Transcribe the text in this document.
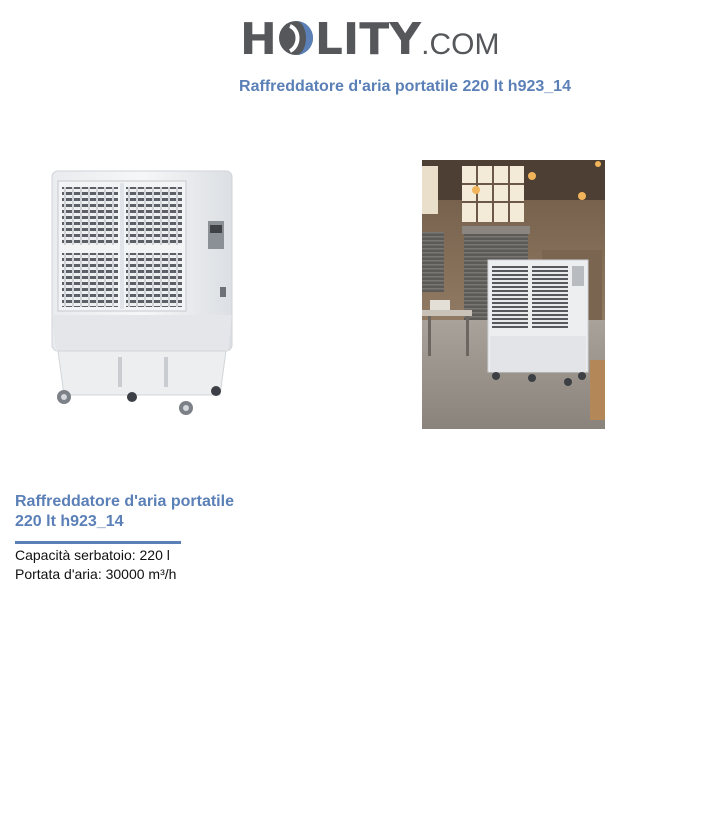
H LITY.COM
Raffreddatore d'aria portatile 220 lt h923_14
Raffreddatore d'aria portatile
220 lt h923_14
Capacità serbatoio: 220 l
Portata d'aria: 30000 m³/h
